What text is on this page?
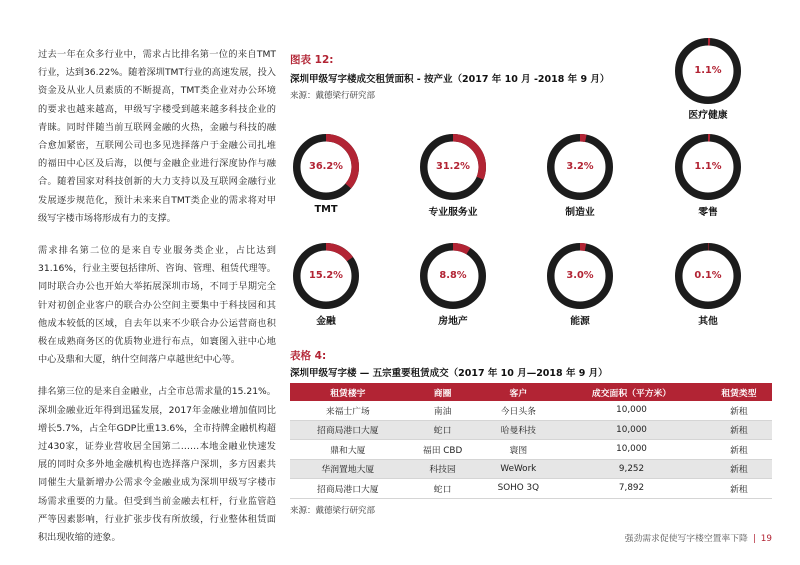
过去一年在众多行业中，需求占比排名第一位的来自TMT行业，达到36.22%。随着深圳TMT行业的高速发展，投入资金及从业人员素质的不断提高，TMT类企业对办公环境的要求也越来越高，甲级写字楼受到越来越多科技企业的青睐。同时伴随当前互联网金融的火热，金融与科技的融合愈加紧密，互联网公司也多见选择落户于金融公司扎堆的福田中心区及后海，以便与金融企业进行深度协作与融合。随着国家对科技创新的大力支持以及互联网金融行业发展逐步规范化，预计未来来自TMT类企业的需求将对甲级写字楼市场将形成有力的支撑。

需求排名第二位的是来自专业服务类企业，占比达到31.16%，行业主要包括律所、咨询、管理、租赁代理等。同时联合办公也开始大举拓展深圳市场，不同于早期完全针对初创企业客户的联合办公空间主要集中于科技园和其他成本较低的区域，自去年以来不少联合办公运营商也积极在成熟商务区的优质物业进行布点，如寰图入驻中心地中心及鼎和大厦，纳什空间落户卓越世纪中心等。

排名第三位的是来自金融业，占全市总需求量的15.21%。深圳金融业近年得到迅猛发展，2017年金融业增加值同比增长5.7%，占全年GDP比重13.6%，全市持牌金融机构超过430家，证券业营收居全国第二……本地金融业快速发展的同时众多外地金融机构也选择落户深圳，多方因素共同催生大量新增办公需求令金融业成为深圳甲级写字楼市场需求重要的力量。但受到当前金融去杠杆，行业监管趋严等因素影响，行业扩张步伐有所放缓，行业整体租赁面积出现收缩的迹象。

图表 12:
深圳甲级写字楼成交租赁面积 - 按产业（2017 年 10 月 -2018 年 9 月）
来源：戴德梁行研究部
1.1%
医疗健康
36.2%
TMT
31.2%
专业服务业
3.2%
制造业
1.1%
零售
15.2%
金融
8.8%
房地产
3.0%
能源
0.1%
其他
表格 4:
深圳甲级写字楼 — 五宗重要租赁成交（2017 年 10 月—2018 年 9 月）
租赁楼宇	商圈	客户	成交面积（平方米）	租赁类型
来福士广场	南油	今日头条	10,000	新租
招商局港口大厦	蛇口	哈曼科技	10,000	新租
鼎和大厦	福田 CBD	寰图	10,000	新租
华润置地大厦	科技园	WeWork	9,252	新租
招商局港口大厦	蛇口	SOHO 3Q	7,892	新租
来源：戴德梁行研究部
强劲需求促使写字楼空置率下降 | 19
